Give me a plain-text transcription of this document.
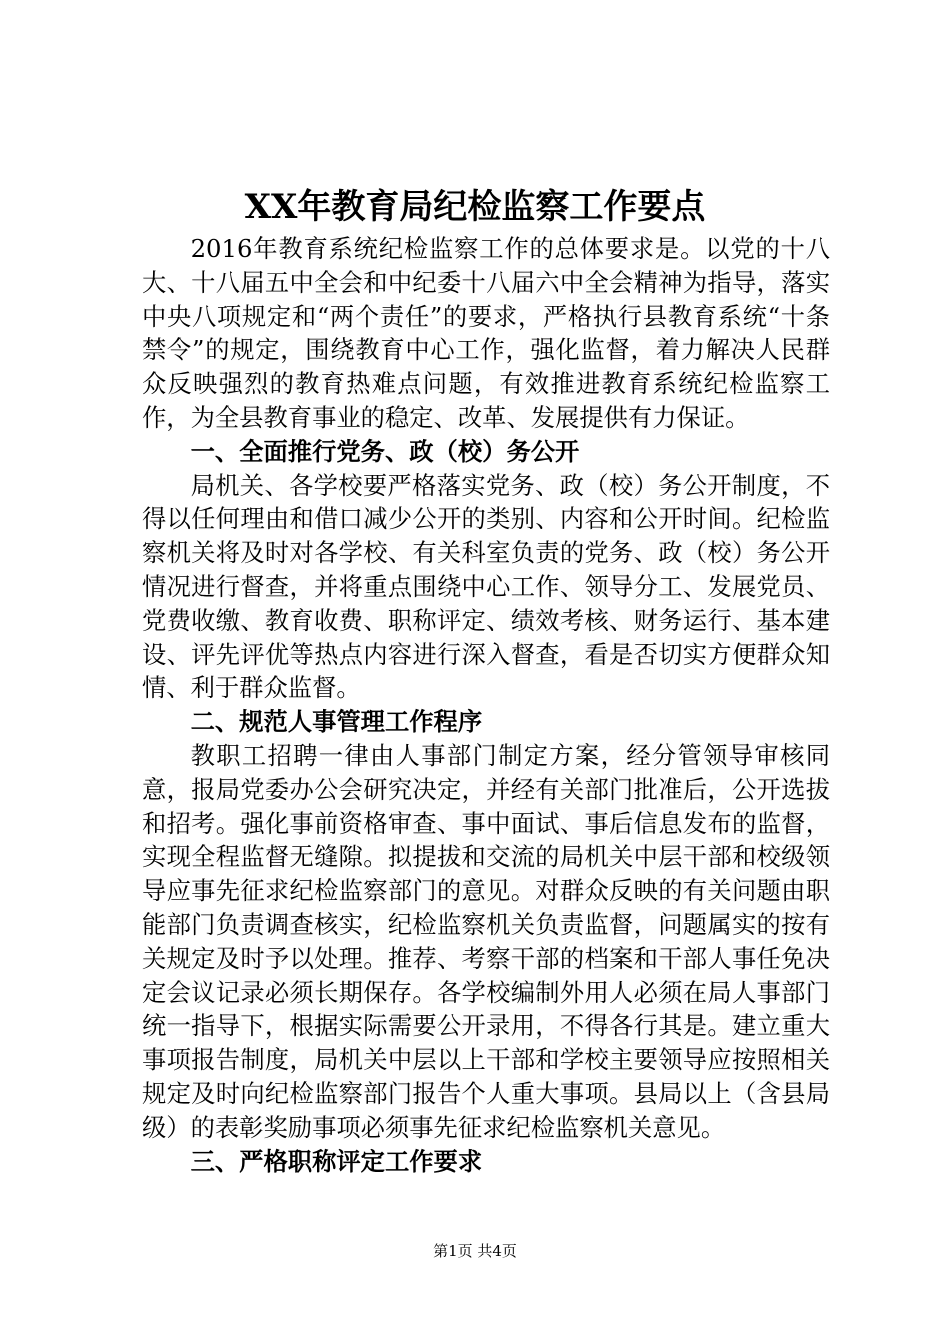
XX年教育局纪检监察工作要点

2016年教育系统纪检监察工作的总体要求是。以党的十八大、十八届五中全会和中纪委十八届六中全会精神为指导，落实中央八项规定和“两个责任”的要求，严格执行县教育系统“十条禁令”的规定，围绕教育中心工作，强化监督，着力解决人民群众反映强烈的教育热难点问题，有效推进教育系统纪检监察工作，为全县教育事业的稳定、改革、发展提供有力保证。

一、全面推行党务、政（校）务公开

局机关、各学校要严格落实党务、政（校）务公开制度，不得以任何理由和借口减少公开的类别、内容和公开时间。纪检监察机关将及时对各学校、有关科室负责的党务、政（校）务公开情况进行督查，并将重点围绕中心工作、领导分工、发展党员、党费收缴、教育收费、职称评定、绩效考核、财务运行、基本建设、评先评优等热点内容进行深入督查，看是否切实方便群众知情、利于群众监督。

二、规范人事管理工作程序

教职工招聘一律由人事部门制定方案，经分管领导审核同意，报局党委办公会研究决定，并经有关部门批准后，公开选拔和招考。强化事前资格审查、事中面试、事后信息发布的监督，实现全程监督无缝隙。拟提拔和交流的局机关中层干部和校级领导应事先征求纪检监察部门的意见。对群众反映的有关问题由职能部门负责调查核实，纪检监察机关负责监督，问题属实的按有关规定及时予以处理。推荐、考察干部的档案和干部人事任免决定会议记录必须长期保存。各学校编制外用人必须在局人事部门统一指导下，根据实际需要公开录用，不得各行其是。建立重大事项报告制度，局机关中层以上干部和学校主要领导应按照相关规定及时向纪检监察部门报告个人重大事项。县局以上（含县局级）的表彰奖励事项必须事先征求纪检监察机关意见。

三、严格职称评定工作要求

第1页 共4页
